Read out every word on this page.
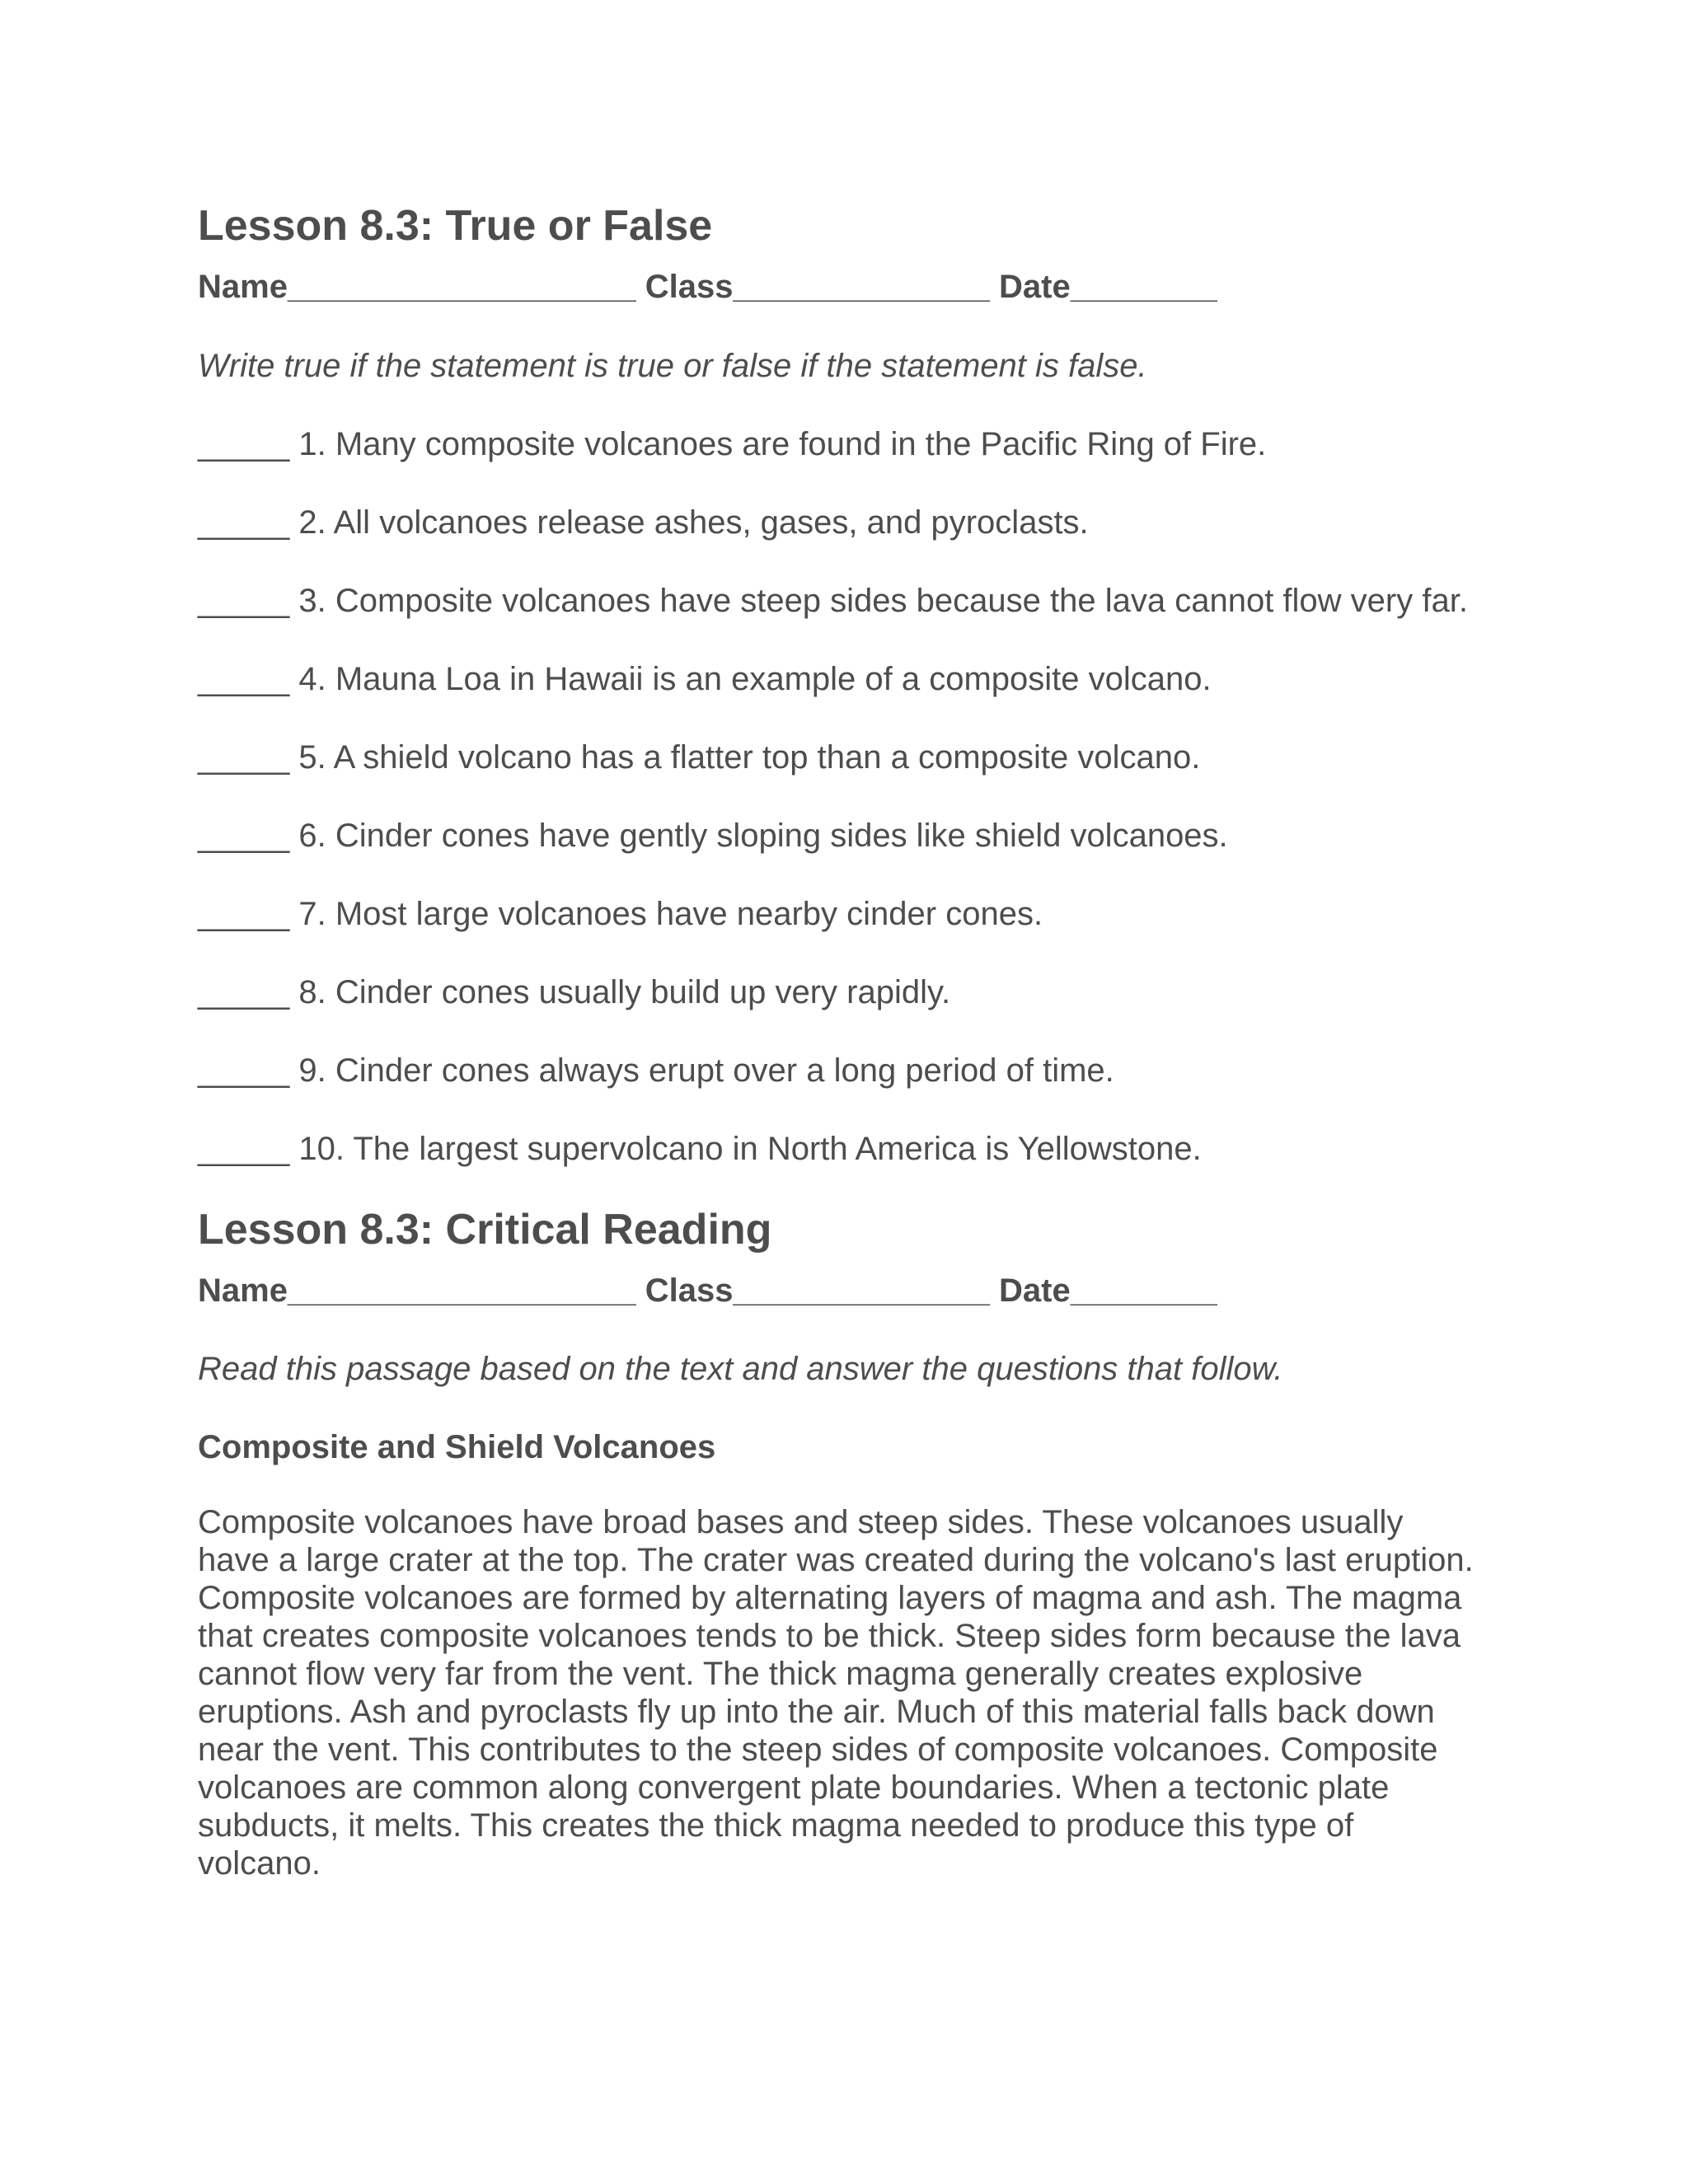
Lesson 8.3: True or False
Name___________________ Class______________ Date________
Write true if the statement is true or false if the statement is false.
_____ 1. Many composite volcanoes are found in the Pacific Ring of Fire.
_____ 2. All volcanoes release ashes, gases, and pyroclasts.
_____ 3. Composite volcanoes have steep sides because the lava cannot flow very far.
_____ 4. Mauna Loa in Hawaii is an example of a composite volcano.
_____ 5. A shield volcano has a flatter top than a composite volcano.
_____ 6. Cinder cones have gently sloping sides like shield volcanoes.
_____ 7. Most large volcanoes have nearby cinder cones.
_____ 8. Cinder cones usually build up very rapidly.
_____ 9. Cinder cones always erupt over a long period of time.
_____ 10. The largest supervolcano in North America is Yellowstone.
Lesson 8.3: Critical Reading
Name___________________ Class______________ Date________
Read this passage based on the text and answer the questions that follow.
Composite and Shield Volcanoes
Composite volcanoes have broad bases and steep sides. These volcanoes usually
have a large crater at the top. The crater was created during the volcano's last eruption.
Composite volcanoes are formed by alternating layers of magma and ash. The magma
that creates composite volcanoes tends to be thick. Steep sides form because the lava
cannot flow very far from the vent. The thick magma generally creates explosive
eruptions. Ash and pyroclasts fly up into the air. Much of this material falls back down
near the vent. This contributes to the steep sides of composite volcanoes. Composite
volcanoes are common along convergent plate boundaries. When a tectonic plate
subducts, it melts. This creates the thick magma needed to produce this type of
volcano.
